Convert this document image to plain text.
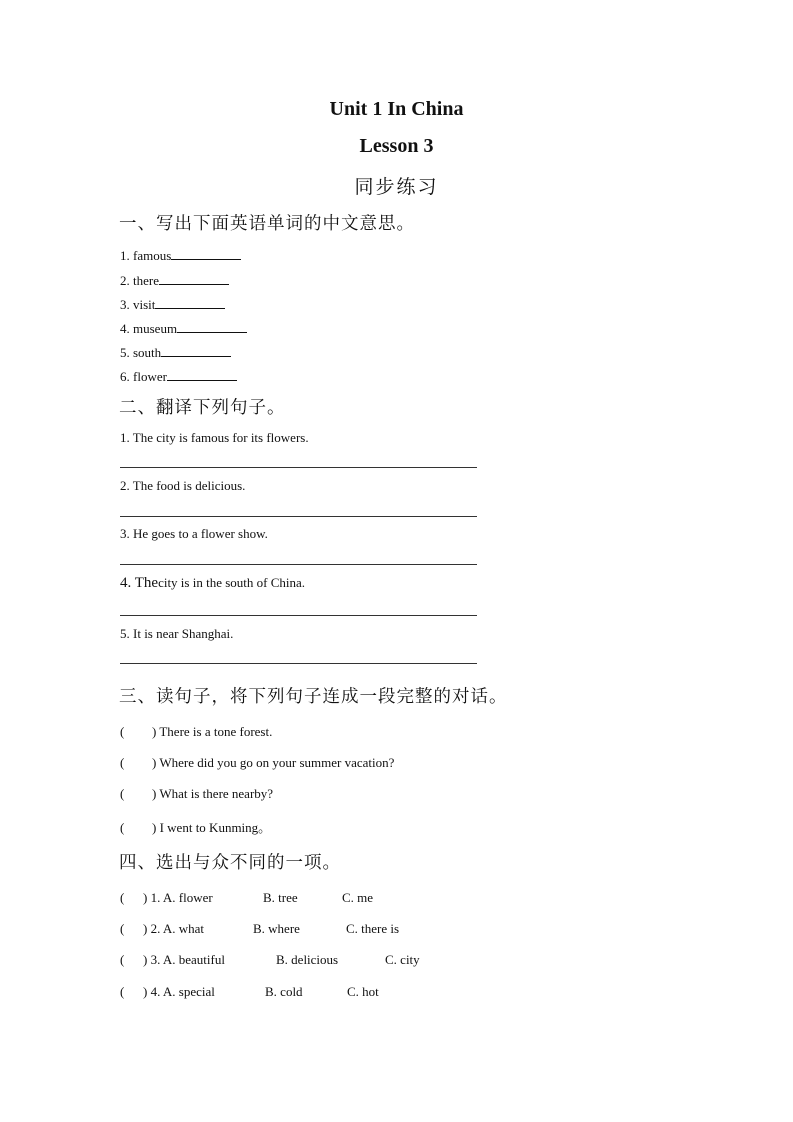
Unit 1 In China
Lesson 3
同步练习
一、写出下面英语单词的中文意思。
1. famous
2. there
3. visit
4. museum
5. south
6. flower
二、翻译下列句子。
1. The city is famous for its flowers.
2. The food is delicious.
3. He goes to a flower show.
4. Thecity is in the south of China.
5. It is near Shanghai.
三、读句子，将下列句子连成一段完整的对话。
( ) There is a tone forest.
( ) Where did you go on your summer vacation?
( ) What is there nearby?
( ) I went to Kunming。
四、选出与众不同的一项。
( ) 1. A. flower	B. tree	C. me
( ) 2. A. what	B. where	C. there is
( ) 3. A. beautiful	B. delicious	C. city
( ) 4. A. special	B. cold	C. hot
